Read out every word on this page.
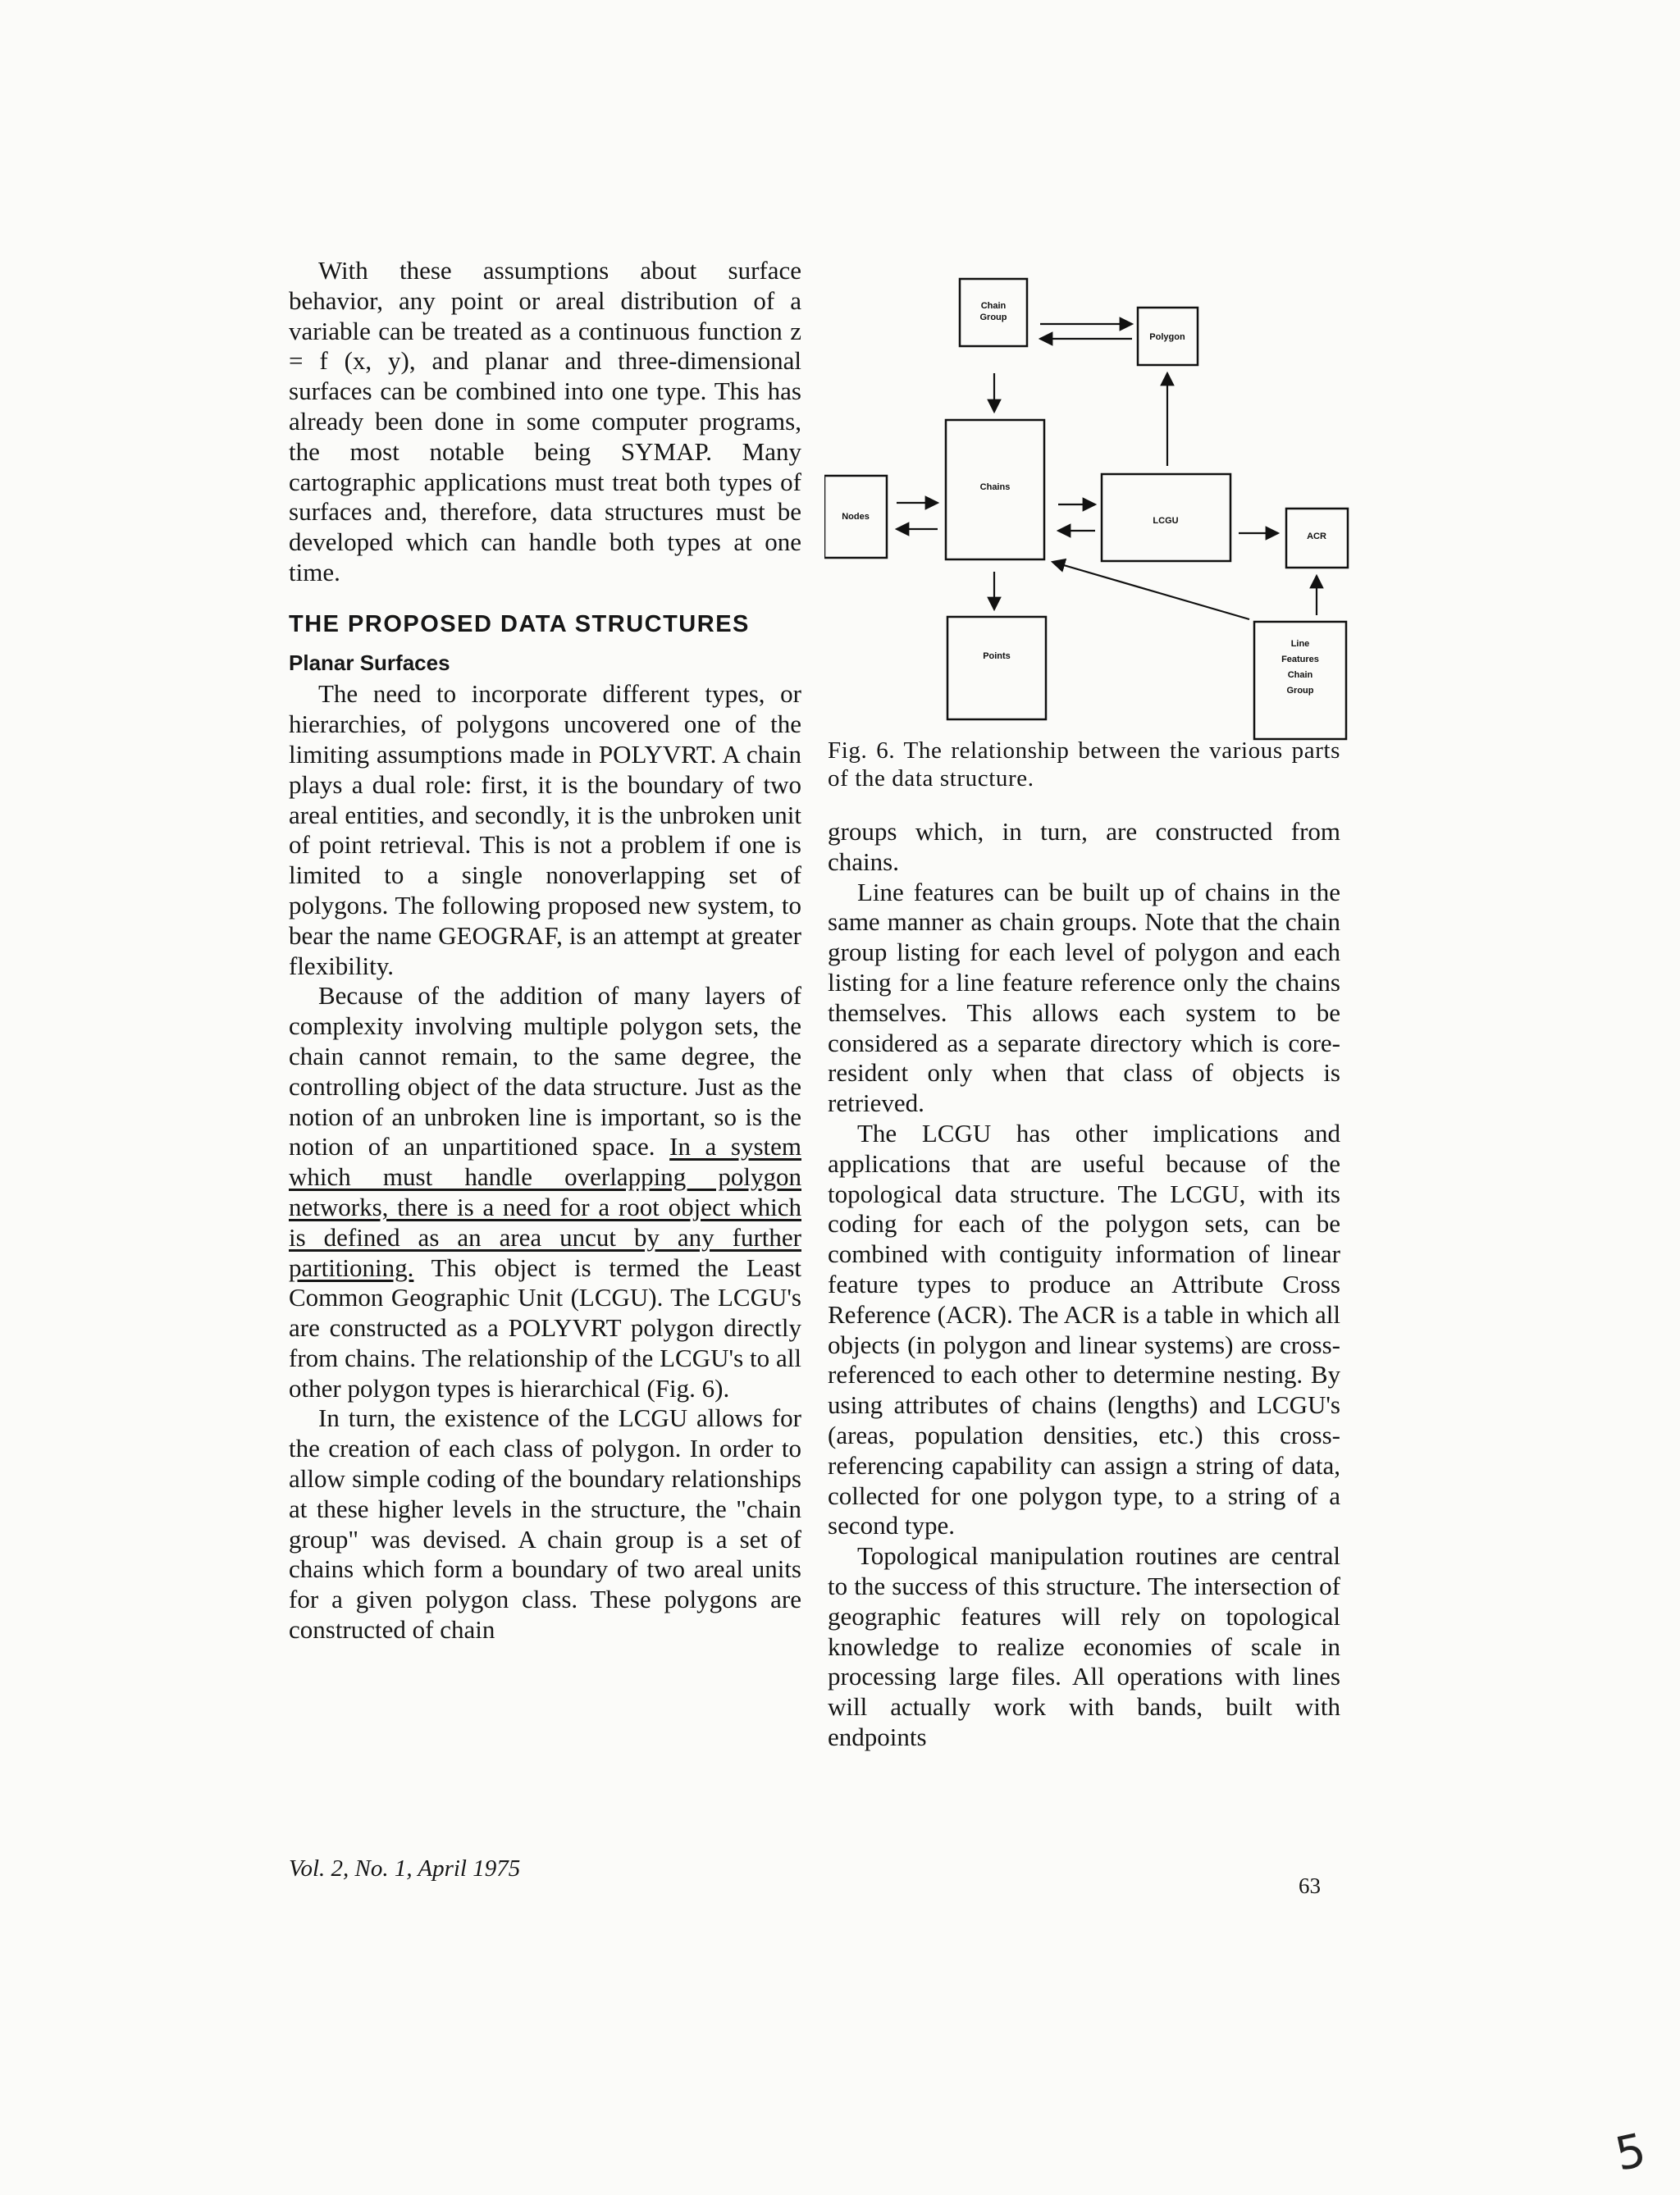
With these assumptions about surface behavior, any point or areal distribution of a variable can be treated as a continuous function z = f (x, y), and planar and three-dimensional surfaces can be combined into one type. This has already been done in some computer programs, the most notable being SYMAP. Many cartographic applications must treat both types of surfaces and, therefore, data structures must be developed which can handle both types at one time.

THE PROPOSED DATA STRUCTURES
Planar Surfaces

The need to incorporate different types, or hierarchies, of polygons uncovered one of the limiting assumptions made in POLYVRT. A chain plays a dual role: first, it is the boundary of two areal entities, and secondly, it is the unbroken unit of point retrieval. This is not a problem if one is limited to a single nonoverlapping set of polygons. The following proposed new system, to bear the name GEOGRAF, is an attempt at greater flexibility.

Because of the addition of many layers of complexity involving multiple polygon sets, the chain cannot remain, to the same degree, the controlling object of the data structure. Just as the notion of an unbroken line is important, so is the notion of an unpartitioned space. In a system which must handle overlapping polygon networks, there is a need for a root object which is defined as an area uncut by any further partitioning. This object is termed the Least Common Geographic Unit (LCGU). The LCGU's are constructed as a POLYVRT polygon directly from chains. The relationship of the LCGU's to all other polygon types is hierarchical (Fig. 6).

In turn, the existence of the LCGU allows for the creation of each class of polygon. In order to allow simple coding of the boundary relationships at these higher levels in the structure, the "chain group" was devised. A chain group is a set of chains which form a boundary of two areal units for a given polygon class. These polygons are constructed of chain

Chain
Group
Polygon
Nodes
Chains
LCGU
ACR
Points
Line
Features
Chain
Group
Fig. 6. The relationship between the various parts of the data structure.

groups which, in turn, are constructed from chains.

Line features can be built up of chains in the same manner as chain groups. Note that the chain group listing for each level of polygon and each listing for a line feature reference only the chains themselves. This allows each system to be considered as a separate directory which is core-resident only when that class of objects is retrieved.

The LCGU has other implications and applications that are useful because of the topological data structure. The LCGU, with its coding for each of the polygon sets, can be combined with contiguity information of linear feature types to produce an Attribute Cross Reference (ACR). The ACR is a table in which all objects (in polygon and linear systems) are cross-referenced to each other to determine nesting. By using attributes of chains (lengths) and LCGU's (areas, population densities, etc.) this cross-referencing capability can assign a string of data, collected for one polygon type, to a string of a second type.

Topological manipulation routines are central to the success of this structure. The intersection of geographic features will rely on topological knowledge to realize economies of scale in processing large files. All operations with lines will actually work with bands, built with endpoints

Vol. 2, No. 1, April 1975
63
5
